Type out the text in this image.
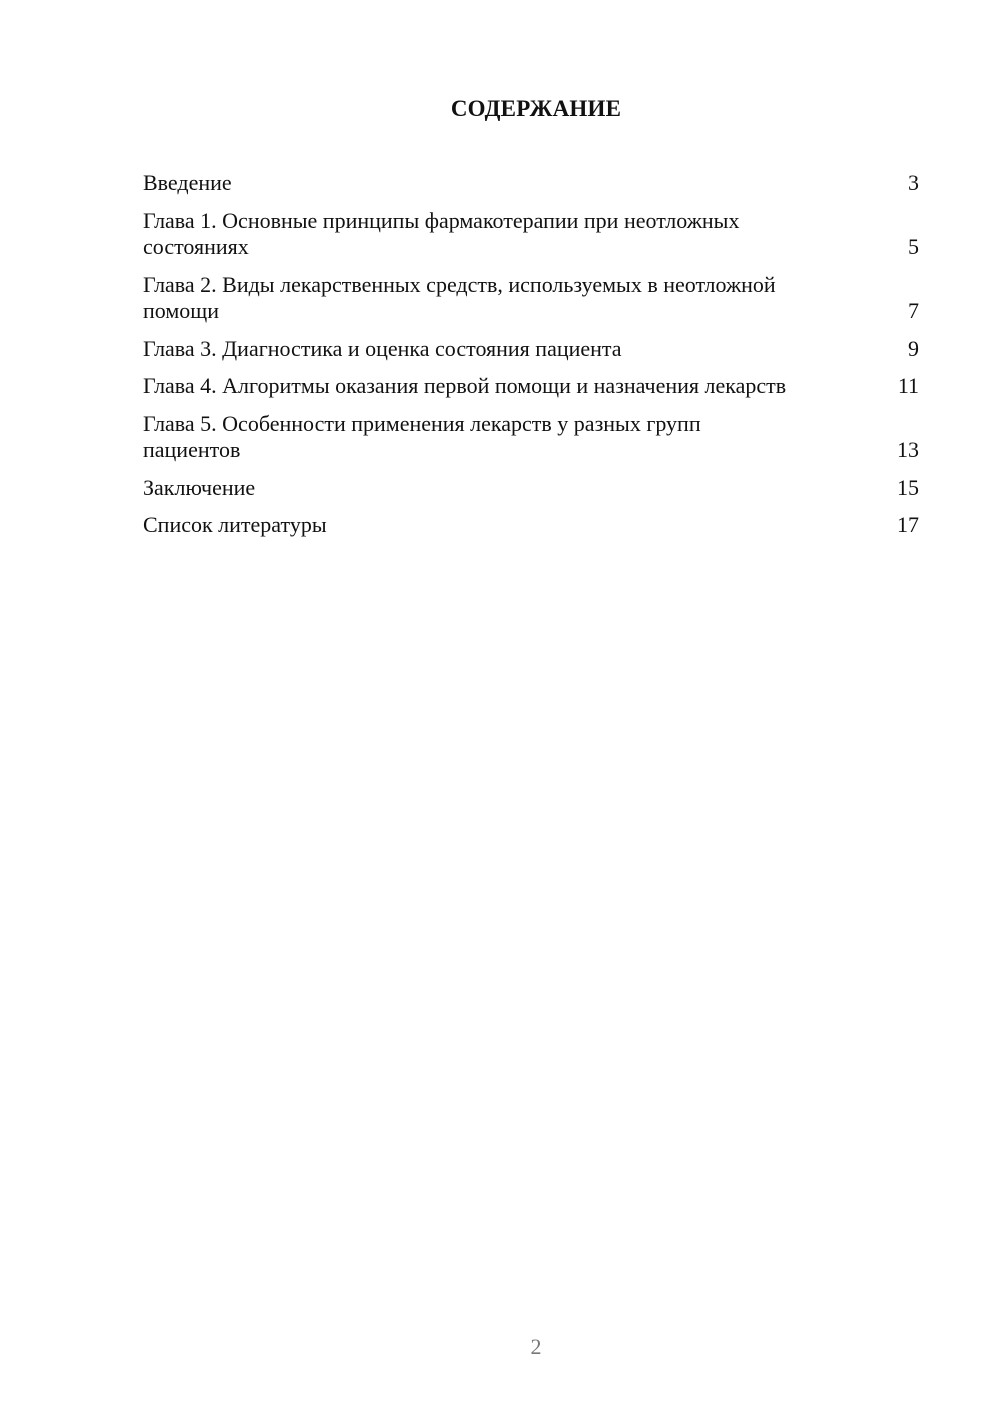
СОДЕРЖАНИЕ
Введение	3
Глава 1. Основные принципы фармакотерапии при неотложных состояниях	5
Глава 2. Виды лекарственных средств, используемых в неотложной помощи	7
Глава 3. Диагностика и оценка состояния пациента	9
Глава 4. Алгоритмы оказания первой помощи и назначения лекарств	11
Глава 5. Особенности применения лекарств у разных групп пациентов	13
Заключение	15
Список литературы	17
2
